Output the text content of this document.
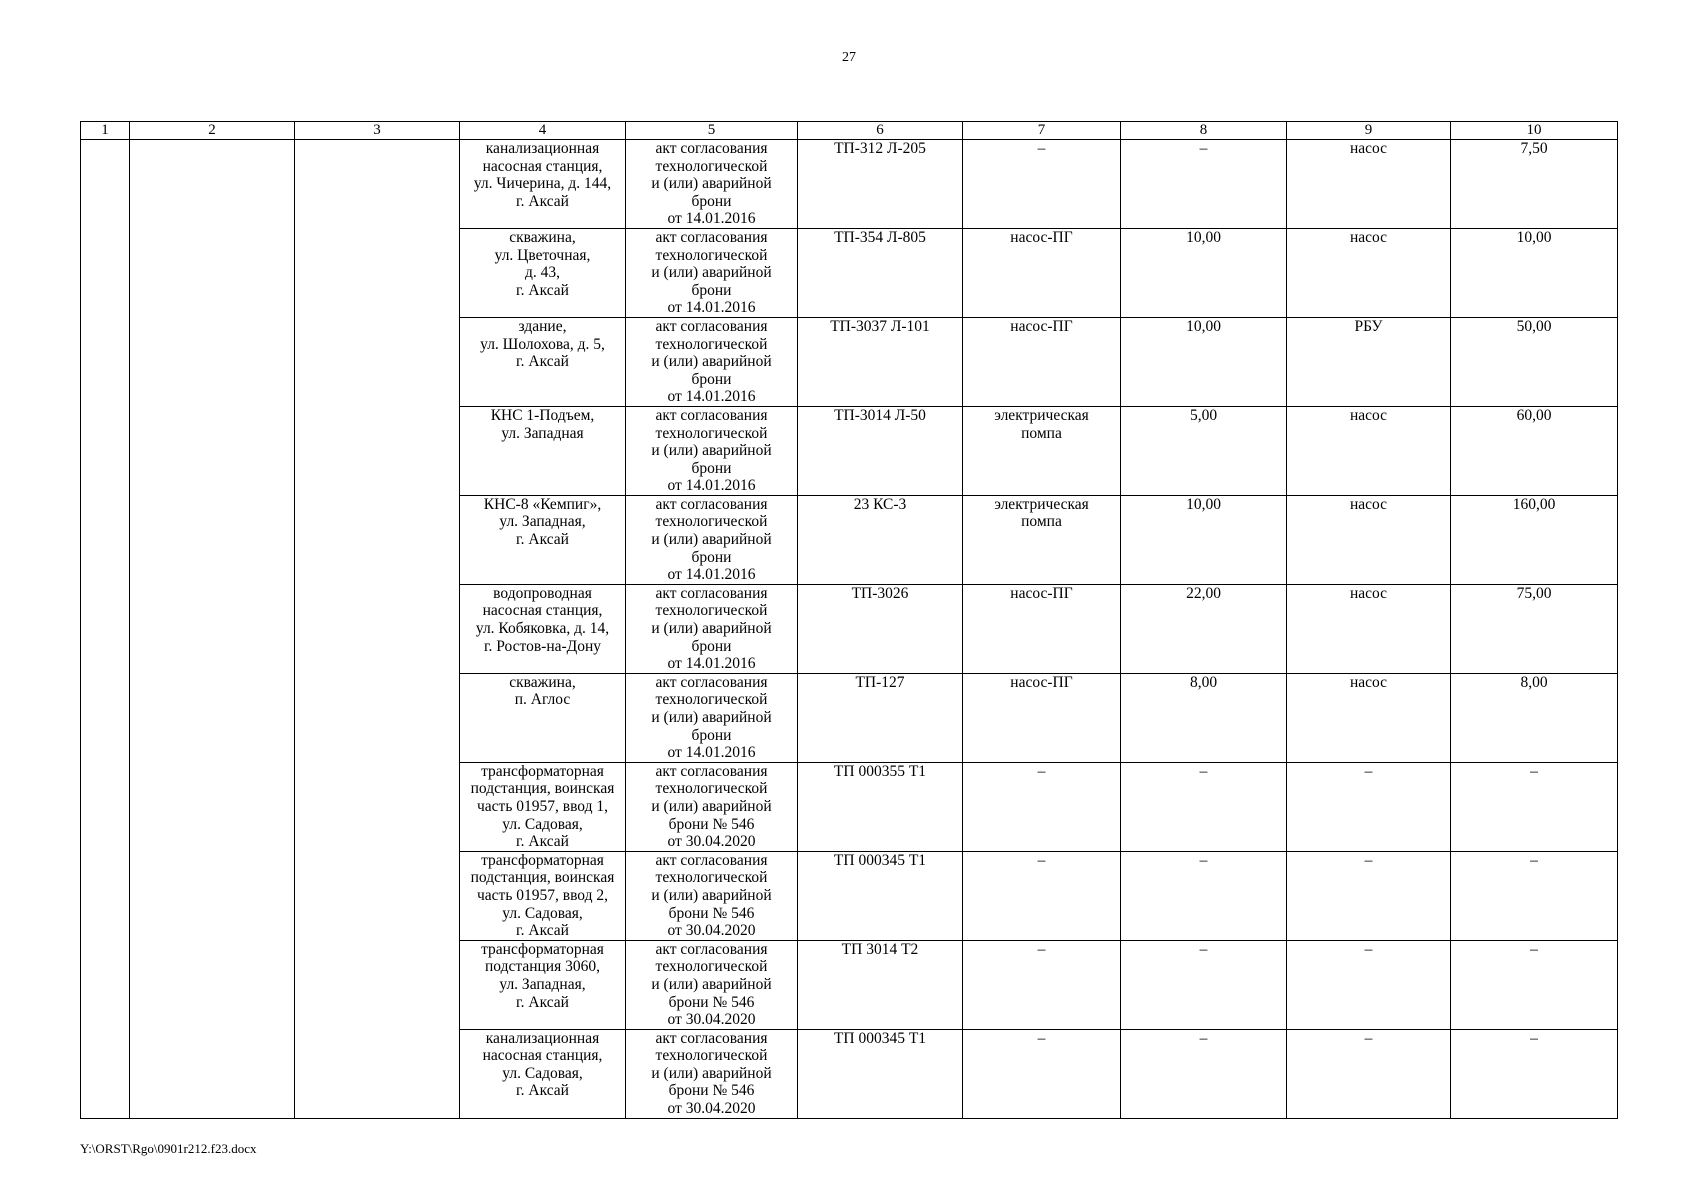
27
1	2	3	4	5	6	7	8	9	10
			канализационная
насосная станция,
ул. Чичерина, д. 144,
г. Аксай	акт согласования
технологической
и (или) аварийной
брони
от 14.01.2016	ТП-312 Л-205	–	–	насос	7,50
			скважина,
ул. Цветочная,
д. 43,
г. Аксай	акт согласования
технологической
и (или) аварийной
брони
от 14.01.2016	ТП-354 Л-805	насос-ПГ	10,00	насос	10,00
			здание,
ул. Шолохова, д. 5,
г. Аксай	акт согласования
технологической
и (или) аварийной
брони
от 14.01.2016	ТП-3037 Л-101	насос-ПГ	10,00	РБУ	50,00
			КНС 1-Подъем,
ул. Западная	акт согласования
технологической
и (или) аварийной
брони
от 14.01.2016	ТП-3014 Л-50	электрическая
помпа	5,00	насос	60,00
			КНС-8 «Кемпиг»,
ул. Западная,
г. Аксай	акт согласования
технологической
и (или) аварийной
брони
от 14.01.2016	23 КС-3	электрическая
помпа	10,00	насос	160,00
			водопроводная
насосная станция,
ул. Кобяковка, д. 14,
г. Ростов-на-Дону	акт согласования
технологической
и (или) аварийной
брони
от 14.01.2016	ТП-3026	насос-ПГ	22,00	насос	75,00
			скважина,
п. Аглос	акт согласования
технологической
и (или) аварийной
брони
от 14.01.2016	ТП-127	насос-ПГ	8,00	насос	8,00
			трансформаторная
подстанция, воинская
часть 01957, ввод 1,
ул. Садовая,
г. Аксай	акт согласования
технологической
и (или) аварийной
брони № 546
от 30.04.2020	ТП 000355 Т1	–	–	–	–
			трансформаторная
подстанция, воинская
часть 01957, ввод 2,
ул. Садовая,
г. Аксай	акт согласования
технологической
и (или) аварийной
брони № 546
от 30.04.2020	ТП 000345 Т1	–	–	–	–
			трансформаторная
подстанция 3060,
ул. Западная,
г. Аксай	акт согласования
технологической
и (или) аварийной
брони № 546
от 30.04.2020	ТП 3014 Т2	–	–	–	–
			канализационная
насосная станция,
ул. Садовая,
г. Аксай	акт согласования
технологической
и (или) аварийной
брони № 546
от 30.04.2020	ТП 000345 Т1	–	–	–	–
Y:\ORST\Rgo\0901r212.f23.docx
